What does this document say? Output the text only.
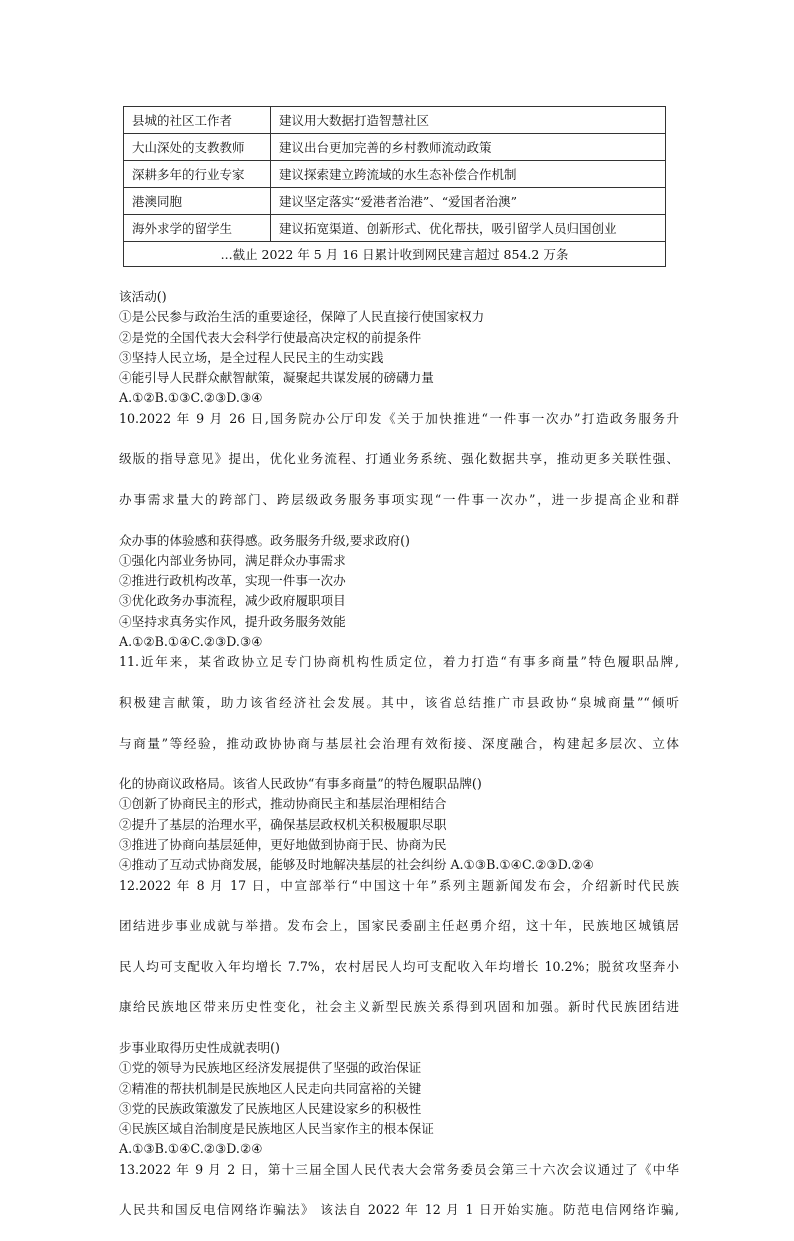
县城的社区工作者	建议用大数据打造智慧社区
大山深处的支教教师	建议出台更加完善的乡村教师流动政策
深耕多年的行业专家	建议探索建立跨流域的水生态补偿合作机制
港澳同胞	建议坚定落实“爱港者治港”、“爱国者治澳”
海外求学的留学生	建议拓宽渠道、创新形式、优化帮扶，吸引留学人员归国创业
...截止 2022 年 5 月 16 日累计收到网民建言超过 854.2 万条	
该活动()
①是公民参与政治生活的重要途径，保障了人民直接行使国家权力
②是党的全国代表大会科学行使最高决定权的前提条件
③坚持人民立场，是全过程人民民主的生动实践
④能引导人民群众献智献策，凝聚起共谋发展的磅礴力量
A.①②B.①③C.②③D.③④
10.2022 年 9 月 26 日,国务院办公厅印发《关于加快推进“一件事一次办”打造政务服务升
级版的指导意见》提出，优化业务流程、打通业务系统、强化数据共享，推动更多关联性强、
办事需求量大的跨部门、跨层级政务服务事项实现“一件事一次办”，进一步提高企业和群
众办事的体验感和获得感。政务服务升级,要求政府()
①强化内部业务协同，满足群众办事需求
②推进行政机构改革，实现一件事一次办
③优化政务办事流程，减少政府履职项目
④坚持求真务实作风，提升政务服务效能
A.①②B.①④C.②③D.③④
11.近年来，某省政协立足专门协商机构性质定位，着力打造“有事多商量”特色履职品牌,
积极建言献策，助力该省经济社会发展。其中，该省总结推广市县政协“泉城商量”“倾听
与商量”等经验，推动政协协商与基层社会治理有效衔接、深度融合，构建起多层次、立体
化的协商议政格局。该省人民政协“有事多商量”的特色履职品牌()
①创新了协商民主的形式，推动协商民主和基层治理相结合
②提升了基层的治理水平，确保基层政权机关积极履职尽职
③推进了协商向基层延伸，更好地做到协商于民、协商为民
④推动了互动式协商发展，能够及时地解决基层的社会纠纷 A.①③B.①④C.②③D.②④
12.2022 年 8 月 17 日，中宣部举行“中国这十年”系列主题新闻发布会，介绍新时代民族
团结进步事业成就与举措。发布会上，国家民委副主任赵勇介绍，这十年，民族地区城镇居
民人均可支配收入年均增长 7.7%，农村居民人均可支配收入年均增长 10.2%；脱贫攻坚奔小
康给民族地区带来历史性变化，社会主义新型民族关系得到巩固和加强。新时代民族团结进
步事业取得历史性成就表明()
①党的领导为民族地区经济发展提供了坚强的政治保证
②精准的帮扶机制是民族地区人民走向共同富裕的关键
③党的民族政策激发了民族地区人民建设家乡的积极性
④民族区域自治制度是民族地区人民当家作主的根本保证
A.①③B.①④C.②③D.②④
13.2022 年 9 月 2 日，第十三届全国人民代表大会常务委员会第三十六次会议通过了《中华
人民共和国反电信网络诈骗法》 该法自 2022 年 12 月 1 日开始实施。防范电信网络诈骗,
